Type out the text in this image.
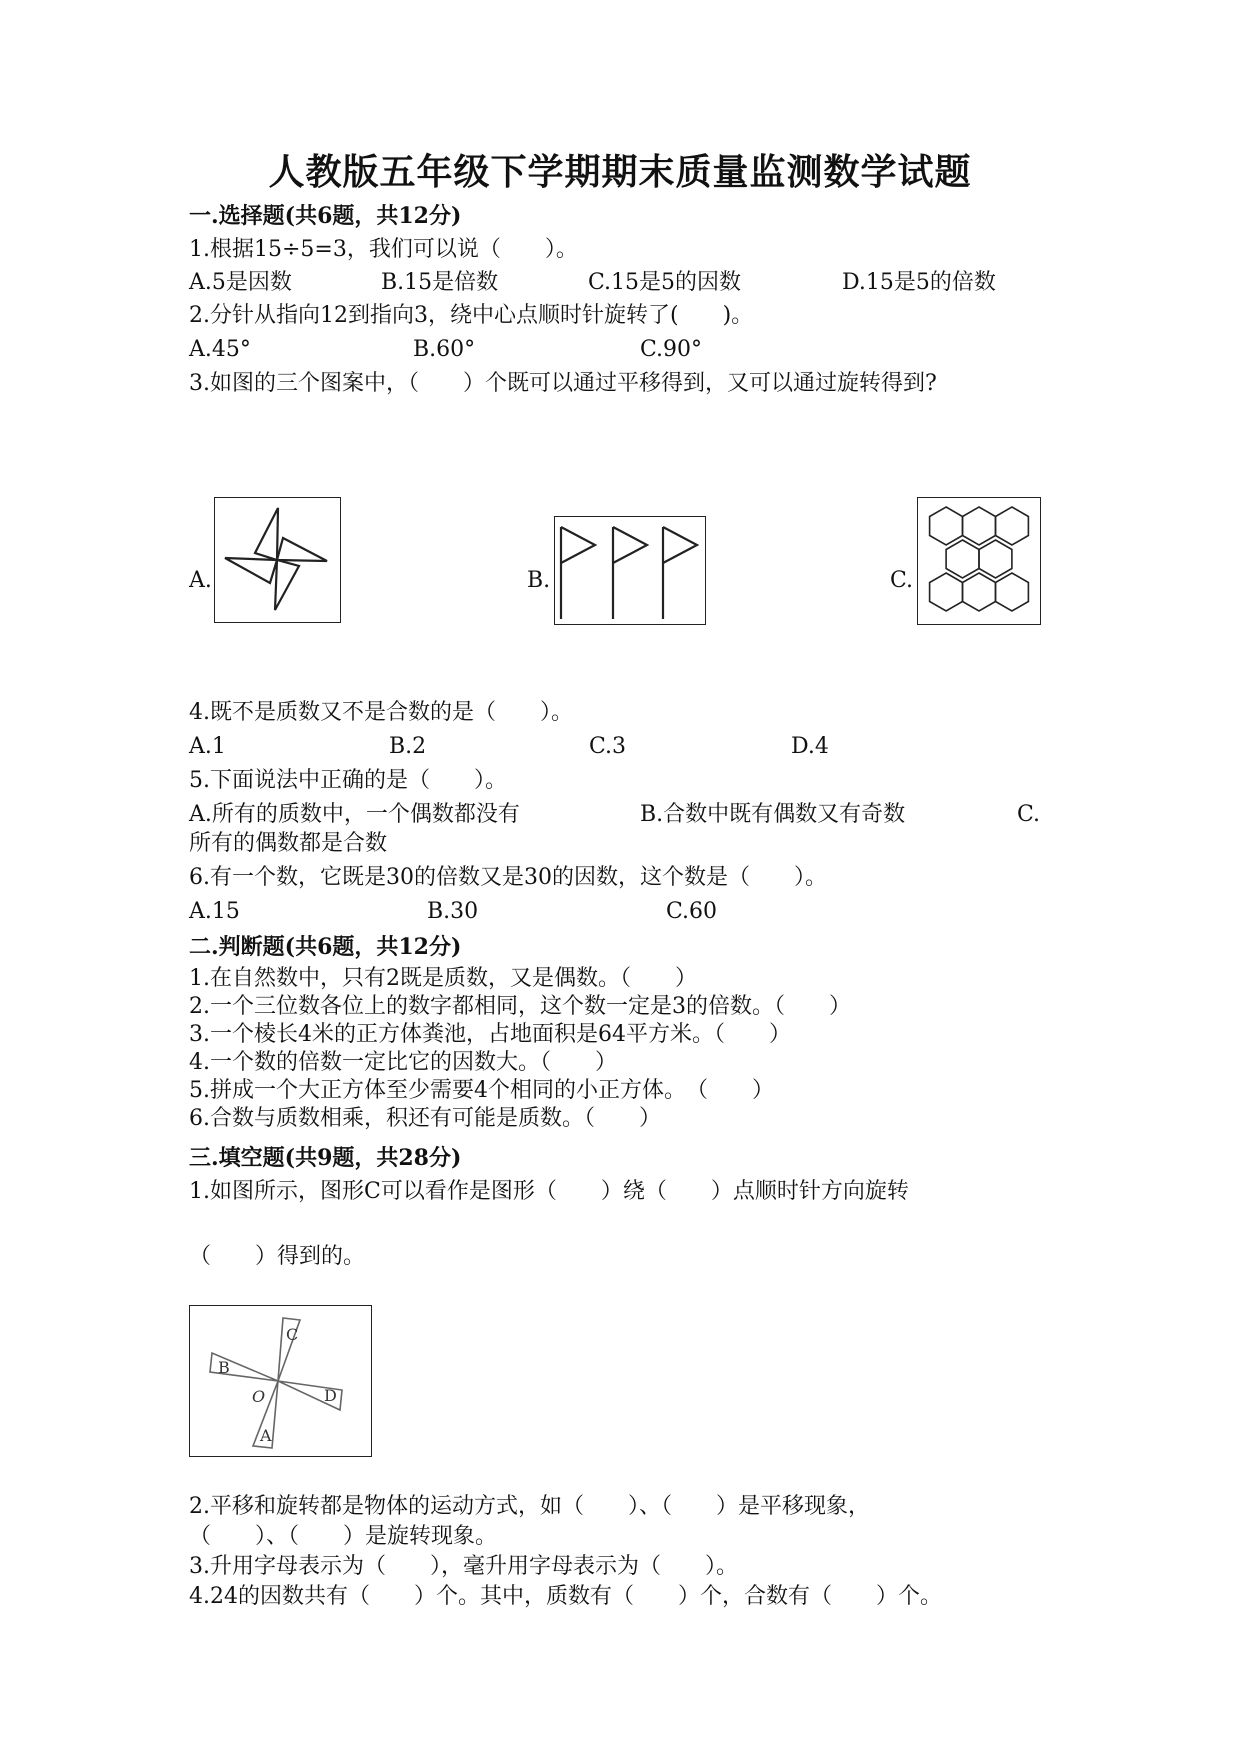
人教版五年级下学期期末质量监测数学试题
一.选择题(共6题，共12分)
1.根据15÷5=3，我们可以说（　　）。
A.5是因数	B.15是倍数	C.15是5的因数	D.15是5的倍数
2.分针从指向12到指向3，绕中心点顺时针旋转了(　　)。
A.45°	B.60°	C.90°
3.如图的三个图案中，（　　）个既可以通过平移得到，又可以通过旋转得到?
A.	B.	C.
4.既不是质数又不是合数的是（　　）。
A.1	B.2	C.3	D.4
5.下面说法中正确的是（　　）。
A.所有的质数中，一个偶数都没有	B.合数中既有偶数又有奇数	C.
所有的偶数都是合数
6.有一个数，它既是30的倍数又是30的因数，这个数是（　　）。
A.15	B.30	C.60
二.判断题(共6题，共12分)
1.在自然数中，只有2既是质数，又是偶数。（　　）
2.一个三位数各位上的数字都相同，这个数一定是3的倍数。（　　）
3.一个棱长4米的正方体粪池，占地面积是64平方米。（　　）
4.一个数的倍数一定比它的因数大。（　　）
5.拼成一个大正方体至少需要4个相同的小正方体。　（　　）
6.合数与质数相乘，积还有可能是质数。（　　）
三.填空题(共9题，共28分)
1.如图所示，图形C可以看作是图形（　　）绕（　　）点顺时针方向旋转
（　　）得到的。
C
B
O	D
A
2.平移和旋转都是物体的运动方式，如（　　）、（　　）是平移现象，
（　　）、（　　）是旋转现象。
3.升用字母表示为（　　），毫升用字母表示为（　　）。
4.24的因数共有（　　）个。其中，质数有（　　）个，合数有（　　）个。
